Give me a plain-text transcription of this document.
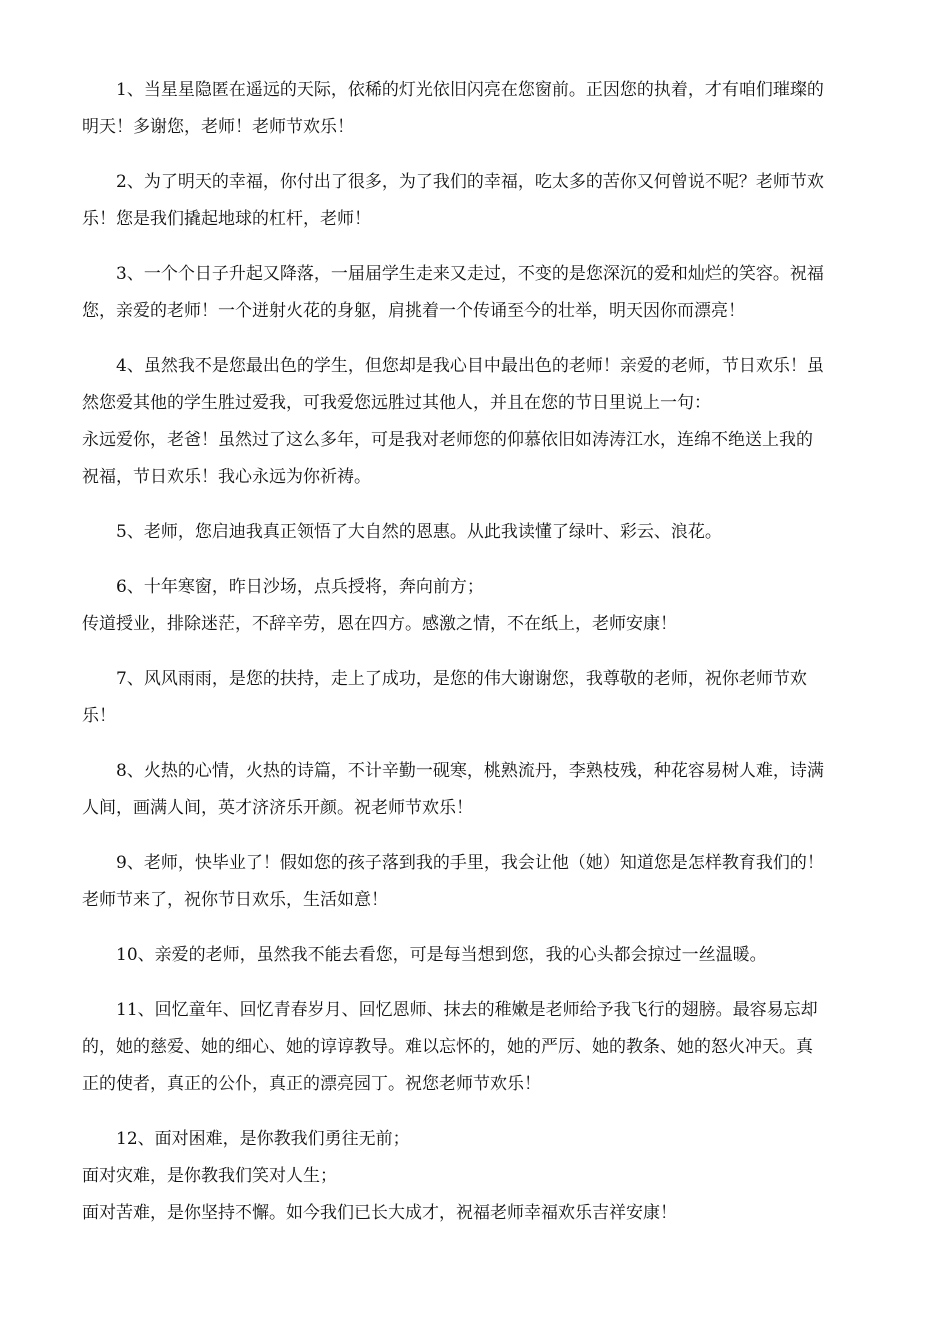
1、当星星隐匿在遥远的天际，依稀的灯光依旧闪亮在您窗前。正因您的执着，才有咱们璀璨的
明天！多谢您，老师！老师节欢乐！
2、为了明天的幸福，你付出了很多，为了我们的幸福，吃太多的苦你又何曾说不呢？老师节欢
乐！您是我们撬起地球的杠杆，老师！
3、一个个日子升起又降落，一届届学生走来又走过，不变的是您深沉的爱和灿烂的笑容。祝福
您，亲爱的老师！一个迸射火花的身躯，肩挑着一个传诵至今的壮举，明天因你而漂亮！
4、虽然我不是您最出色的学生，但您却是我心目中最出色的老师！亲爱的老师，节日欢乐！虽
然您爱其他的学生胜过爱我，可我爱您远胜过其他人，并且在您的节日里说上一句：
永远爱你，老爸！虽然过了这么多年，可是我对老师您的仰慕依旧如涛涛江水，连绵不绝送上我的
祝福，节日欢乐！我心永远为你祈祷。
5、老师，您启迪我真正领悟了大自然的恩惠。从此我读懂了绿叶、彩云、浪花。
6、十年寒窗，昨日沙场，点兵授将，奔向前方；
传道授业，排除迷茫，不辞辛劳，恩在四方。感激之情，不在纸上，老师安康！
7、风风雨雨，是您的扶持，走上了成功，是您的伟大谢谢您，我尊敬的老师，祝你老师节欢
乐！
8、火热的心情，火热的诗篇，不计辛勤一砚寒，桃熟流丹，李熟枝残，种花容易树人难，诗满
人间，画满人间，英才济济乐开颜。祝老师节欢乐！
9、老师，快毕业了！假如您的孩子落到我的手里，我会让他（她）知道您是怎样教育我们的！
老师节来了，祝你节日欢乐，生活如意！
10、亲爱的老师，虽然我不能去看您，可是每当想到您，我的心头都会掠过一丝温暖。
11、回忆童年、回忆青春岁月、回忆恩师、抹去的稚嫩是老师给予我飞行的翅膀。最容易忘却
的，她的慈爱、她的细心、她的谆谆教导。难以忘怀的，她的严厉、她的教条、她的怒火冲天。真
正的使者，真正的公仆，真正的漂亮园丁。祝您老师节欢乐！
12、面对困难，是你教我们勇往无前；
面对灾难，是你教我们笑对人生；
面对苦难，是你坚持不懈。如今我们已长大成才，祝福老师幸福欢乐吉祥安康！
